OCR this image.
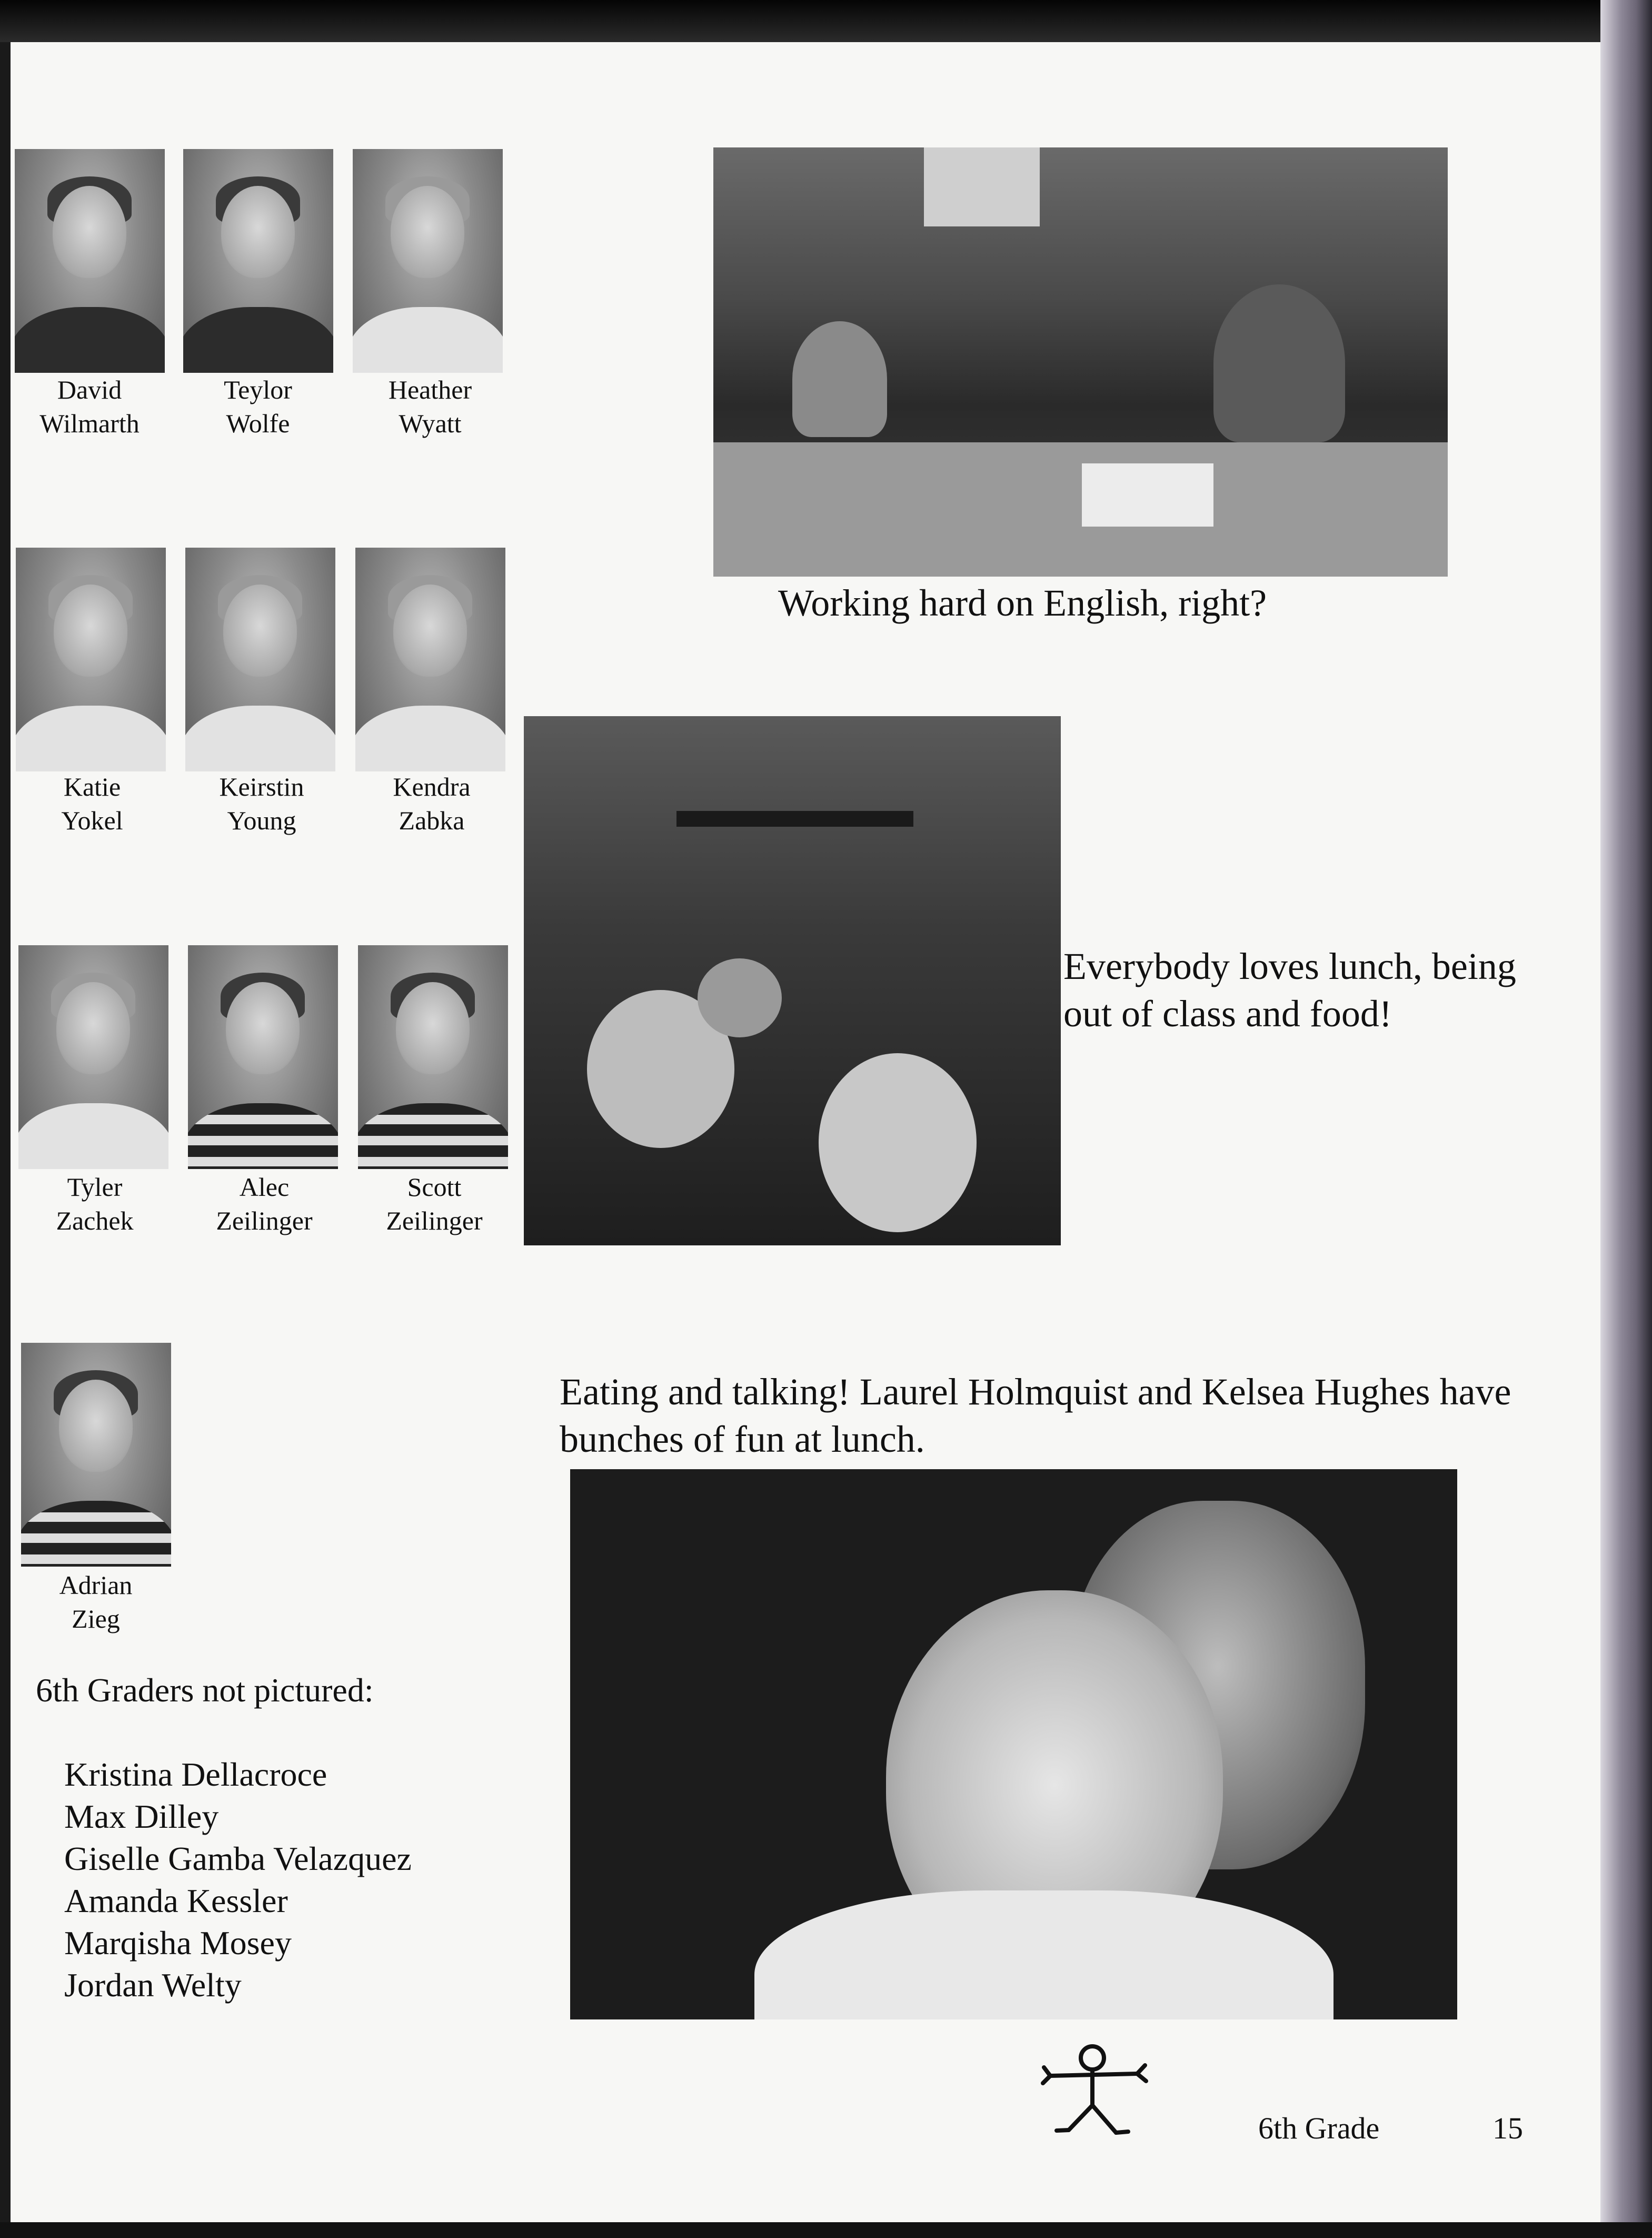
David
Wilmarth
Teylor
Wolfe
Heather
Wyatt
Katie
Yokel
Keirstin
Young
Kendra
Zabka
Tyler
Zachek
Alec
Zeilinger
Scott
Zeilinger
Adrian
Zieg
6th Graders not pictured:
Kristina Dellacroce
Max Dilley
Giselle Gamba Velazquez
Amanda Kessler
Marqisha Mosey
Jordan Welty
Working hard on English, right?
Everybody loves lunch, being out of class and food!
Eating and talking! Laurel Holmquist and Kelsea Hughes have bunches of fun at lunch.
6th Grade	15
